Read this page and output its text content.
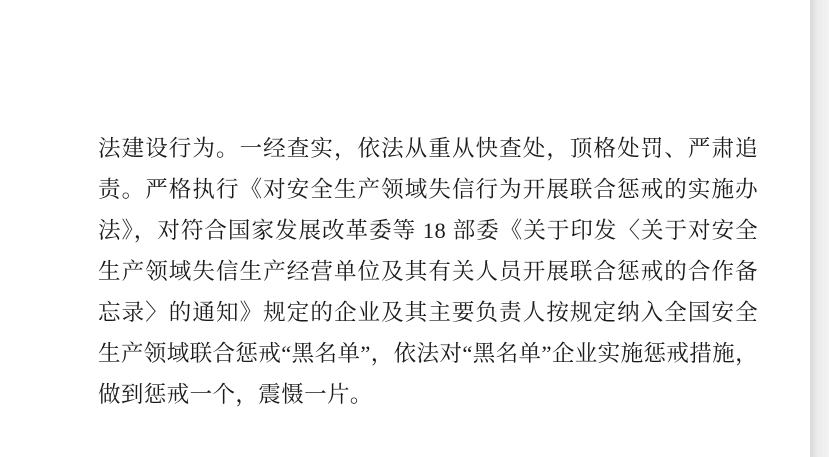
法建设行为。一经查实，依法从重从快查处，顶格处罚、严肃追责。严格执行《对安全生产领域失信行为开展联合惩戒的实施办法》，对符合国家发展改革委等 18 部委《关于印发〈关于对安全生产领域失信生产经营单位及其有关人员开展联合惩戒的合作备忘录〉的通知》规定的企业及其主要负责人按规定纳入全国安全生产领域联合惩戒“黑名单”，依法对“黑名单”企业实施惩戒措施，做到惩戒一个，震慑一片。
